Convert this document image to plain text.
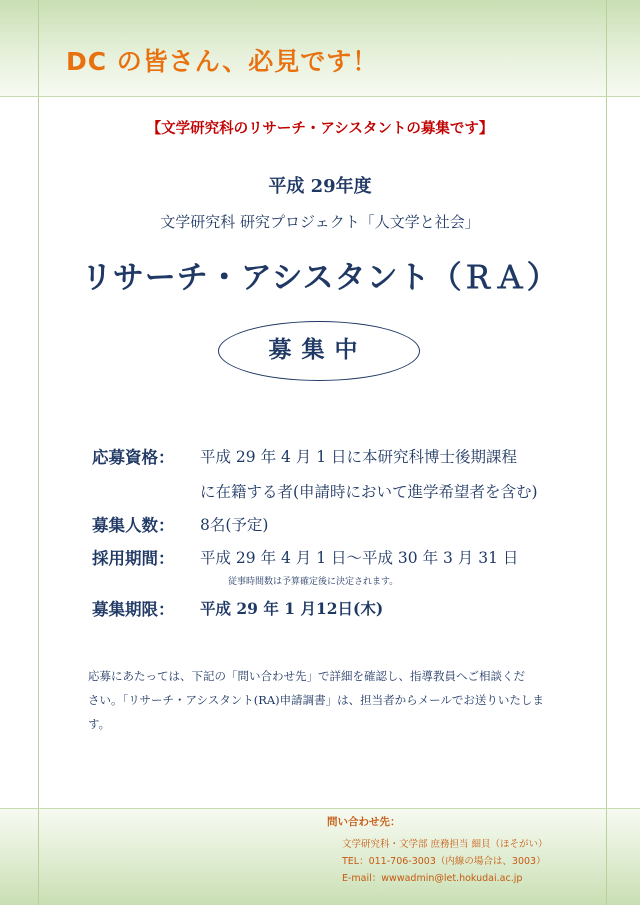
DC の皆さん、必見です！
【文学研究科のリサーチ・アシスタントの募集です】
平成 29年度
文学研究科 研究プロジェクト「人文学と社会」
リサーチ・アシスタント（ＲＡ）
募集中
応募資格： 平成 29 年 4 月 1 日に本研究科博士後期課程
に在籍する者(申請時において進学希望者を含む)
募集人数： 8名(予定)
採用期間： 平成 29 年 4 月 1 日～平成 30 年 3 月 31 日
従事時間数は予算確定後に決定されます。
募集期限： 平成 29 年 1 月12日(木)

応募にあたっては、下記の「問い合わせ先」で詳細を確認し、指導教員へご相談くだ

さい。「リサーチ・アシスタント(RA)申請調書」は、担当者からメールでお送りいたしま

す。

問い合わせ先：
文学研究科・文学部 庶務担当 細貝（ほそがい）
TEL：011-706-3003（内線の場合は、3003）
E-mail：wwwadmin@let.hokudai.ac.jp
